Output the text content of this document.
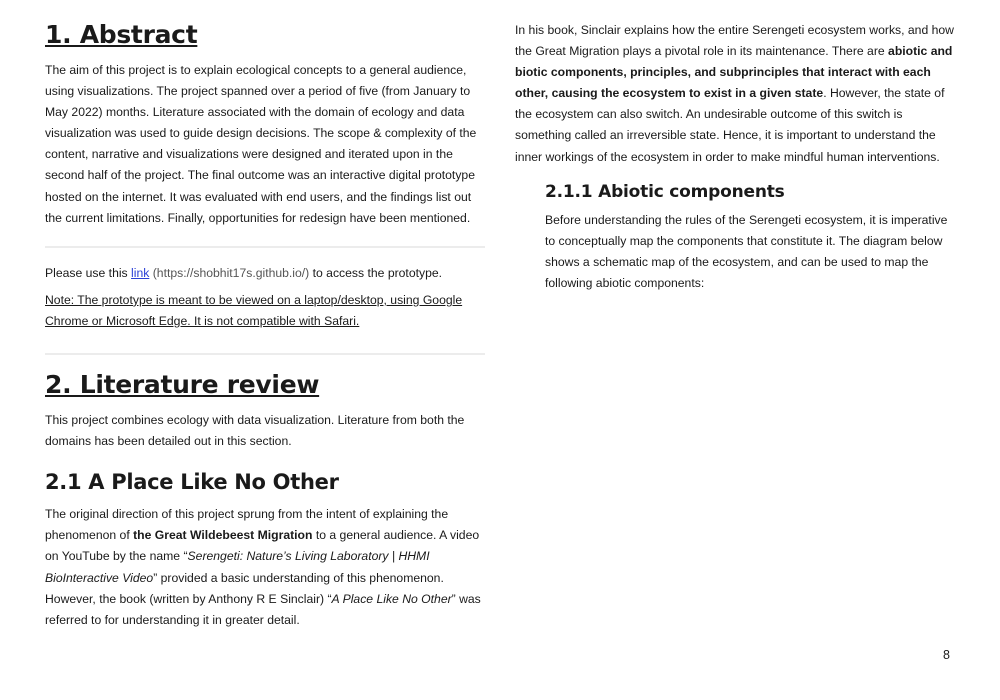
1. Abstract

The aim of this project is to explain ecological concepts to a general audience, using visualizations. The project spanned over a period of five (from January to May 2022) months. Literature associated with the domain of ecology and data visualization was used to guide design decisions. The scope & complexity of the content, narrative and visualizations were designed and iterated upon in the second half of the project. The final outcome was an interactive digital prototype hosted on the internet. It was evaluated with end users, and the findings list out the current limitations. Finally, opportunities for redesign have been mentioned.

Please use this link (https://shobhit17s.github.io/) to access the prototype.

Note: The prototype is meant to be viewed on a laptop/desktop, using Google Chrome or Microsoft Edge. It is not compatible with Safari.

2. Literature review

This project combines ecology with data visualization. Literature from both the domains has been detailed out in this section.

2.1 A Place Like No Other

The original direction of this project sprung from the intent of explaining the phenomenon of the Great Wildebeest Migration to a general audience. A video on YouTube by the name “Serengeti: Nature’s Living Laboratory | HHMI BioInteractive Video” provided a basic understanding of this phenomenon. However, the book (written by Anthony R E Sinclair) “A Place Like No Other” was referred to for understanding it in greater detail.

In his book, Sinclair explains how the entire Serengeti ecosystem works, and how the Great Migration plays a pivotal role in its maintenance. There are abiotic and biotic components, principles, and subprinciples that interact with each other, causing the ecosystem to exist in a given state. However, the state of the ecosystem can also switch. An undesirable outcome of this switch is something called an irreversible state. Hence, it is important to understand the inner workings of the ecosystem in order to make mindful human interventions.

2.1.1 Abiotic components

Before understanding the rules of the Serengeti ecosystem, it is imperative to conceptually map the components that constitute it. The diagram below shows a schematic map of the ecosystem, and can be used to map the following abiotic components:

8
